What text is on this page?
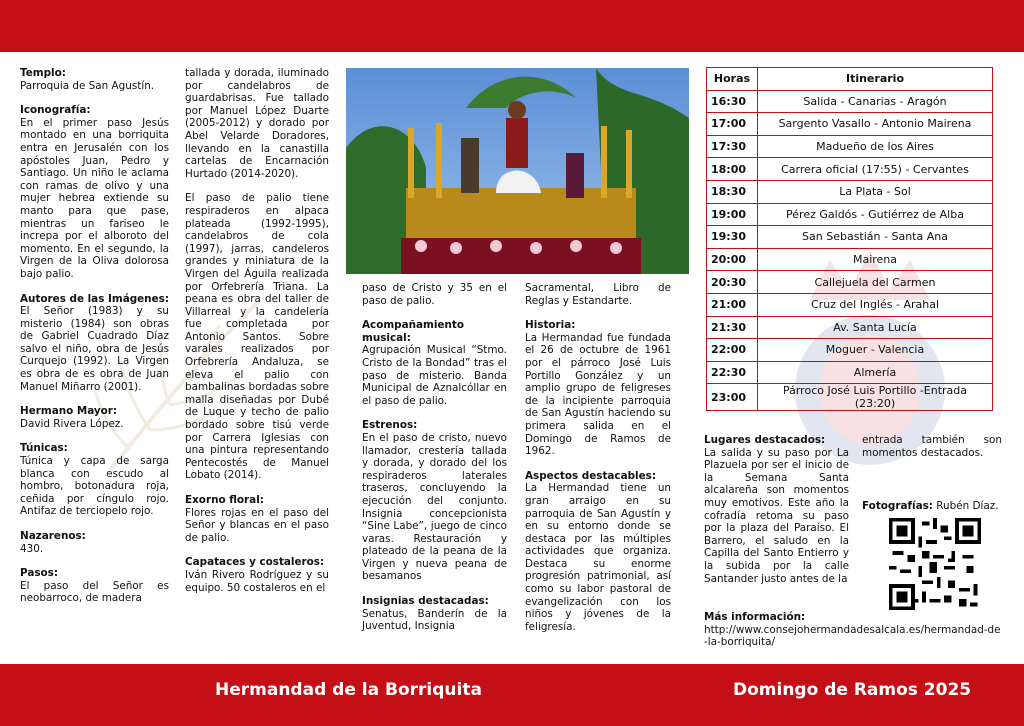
Templo:
Parroquia de San Agustín.

Iconografía:
En el primer paso Jesús montado en una borriquita entra en Jerusalén con los apóstoles Juan, Pedro y Santiago. Un niño le aclama con ramas de olivo y una mujer hebrea extiende su manto para que pase, mientras un fariseo le increpa por el alboroto del momento. En el segundo, la Virgen de la Oliva dolorosa bajo palio.

Autores de las Imágenes:
El Señor (1983) y su misterio (1984) son obras de Gabriel Cuadrado Díaz salvo el niño, obra de Jesús Curquejo (1992). La Virgen es obra de es obra de Juan Manuel Miñarro (2001).

Hermano Mayor:
David Rivera López.

Túnicas:
Túnica y capa de sarga blanca con escudo al hombro, botonadura roja, ceñida por cíngulo rojo. Antifaz de terciopelo rojo.

Nazarenos:
430.

Pasos:
El paso del Señor es neobarroco, de madera

tallada y dorada, iluminado por candelabros de guardabrisas. Fue tallado por Manuel López Duarte (2005-2012) y dorado por Abel Velarde Doradores, llevando en la canastilla cartelas de Encarnación Hurtado (2014-2020).

El paso de palio tiene respiraderos en alpaca plateada (1992-1995), candelabros de cola (1997), jarras, candeleros grandes y miniatura de la Virgen del Águila realizada por Orfebrería Triana. La peana es obra del taller de Villarreal y la candelería fue completada por Antonio Santos. Sobre varales realizados por Orfebrería Andaluza, se eleva el palio con bambalinas bordadas sobre malla diseñadas por Dubé de Luque y techo de palio bordado sobre tisú verde por Carrera Iglesias con una pintura representando Pentecostés de Manuel Lobato (2014).

Exorno floral:
Flores rojas en el paso del Señor y blancas en el paso de palio.

Capataces y costaleros:
Iván Rivero Rodríguez y su equipo. 50 costaleros en el

paso de Cristo y 35 en el paso de palio.

Acompañamiento musical:
Agrupación Musical “Stmo. Cristo de la Bondad” tras el paso de misterio. Banda Municipal de Aznalcóllar en el paso de palio.

Estrenos:
En el paso de cristo, nuevo llamador, crestería tallada y dorada, y dorado del los respiraderos laterales traseros, concluyendo la ejecución del conjunto. Insignia concepcionista “Sine Labe”, juego de cinco varas. Restauración y plateado de la peana de la Virgen y nueva peana de besamanos

Insignias destacadas:
Senatus, Banderín de la Juventud, Insignia

Sacramental, Libro de Reglas y Estandarte.

Historia:
La Hermandad fue fundada el 26 de octubre de 1961 por el párroco José Luis Portillo González y un amplio grupo de feligreses de la incipiente parroquia de San Agustín haciendo su primera salida en el Domingo de Ramos de 1962.

Aspectos destacables:
La Hermandad tiene un gran arraigo en su parroquia de San Agustín y en su entorno donde se destaca por las múltiples actividades que organiza. Destaca su enorme progresión patrimonial, así como su labor pastoral de evangelización con los niños y jóvenes de la feligresía.

Horas	Itinerario
16:30	Salida - Canarias - Aragón
17:00	Sargento Vasallo - Antonio Mairena
17:30	Madueño de los Aires
18:00	Carrera oficial (17:55) - Cervantes
18:30	La Plata - Sol
19:00	Pérez Galdós - Gutiérrez de Alba
19:30	San Sebastián - Santa Ana
20:00	Mairena
20:30	Callejuela del Carmen
21:00	Cruz del Inglés - Arahal
21:30	Av. Santa Lucía
22:00	Moguer - Valencia
22:30	Almería
23:00	Párroco José Luis Portillo -Entrada (23:20)
Lugares destacados:
La salida y su paso por La Plazuela por ser el inicio de la Semana Santa alcalareña son momentos muy emotivos. Este año la cofradía retoma su paso por la plaza del Paraíso. El Barrero, el saludo en la Capilla del Santo Entierro y la subida por la calle Santander justo antes de la
entrada también son momentos destacados.
Fotografías: Rubén Díaz.
Más información:
http://www.consejohermandadesalcala.es/hermandad-de-la-borriquita/
Hermandad de la Borriquita	Domingo de Ramos 2025
